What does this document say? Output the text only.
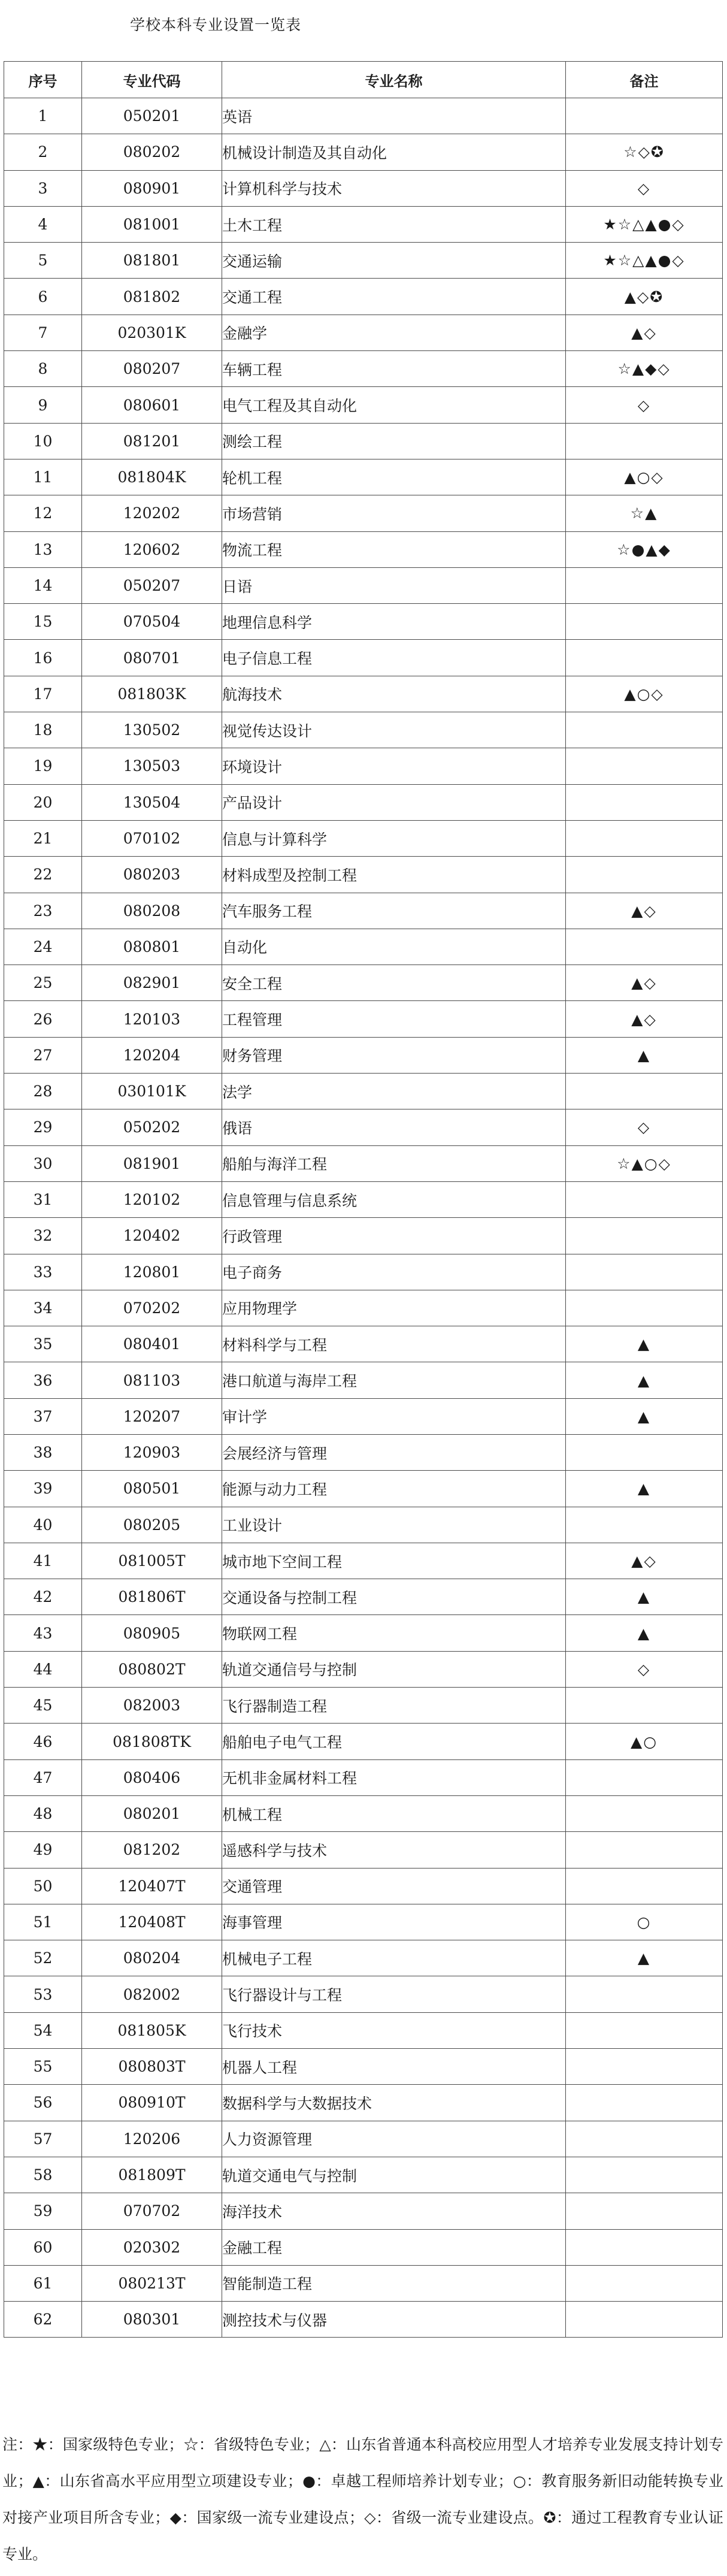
学校本科专业设置一览表
序号	专业代码	专业名称	备注
1	050201	英语	
2	080202	机械设计制造及其自动化	☆◇✪
3	080901	计算机科学与技术	◇
4	081001	土木工程	★☆△▲●◇
5	081801	交通运输	★☆△▲●◇
6	081802	交通工程	▲◇✪
7	020301K	金融学	▲◇
8	080207	车辆工程	☆▲◆◇
9	080601	电气工程及其自动化	◇
10	081201	测绘工程	
11	081804K	轮机工程	▲○◇
12	120202	市场营销	☆▲
13	120602	物流工程	☆●▲◆
14	050207	日语	
15	070504	地理信息科学	
16	080701	电子信息工程	
17	081803K	航海技术	▲○◇
18	130502	视觉传达设计	
19	130503	环境设计	
20	130504	产品设计	
21	070102	信息与计算科学	
22	080203	材料成型及控制工程	
23	080208	汽车服务工程	▲◇
24	080801	自动化	
25	082901	安全工程	▲◇
26	120103	工程管理	▲◇
27	120204	财务管理	▲
28	030101K	法学	
29	050202	俄语	◇
30	081901	船舶与海洋工程	☆▲○◇
31	120102	信息管理与信息系统	
32	120402	行政管理	
33	120801	电子商务	
34	070202	应用物理学	
35	080401	材料科学与工程	▲
36	081103	港口航道与海岸工程	▲
37	120207	审计学	▲
38	120903	会展经济与管理	
39	080501	能源与动力工程	▲
40	080205	工业设计	
41	081005T	城市地下空间工程	▲◇
42	081806T	交通设备与控制工程	▲
43	080905	物联网工程	▲
44	080802T	轨道交通信号与控制	◇
45	082003	飞行器制造工程	
46	081808TK	船舶电子电气工程	▲○
47	080406	无机非金属材料工程	
48	080201	机械工程	
49	081202	遥感科学与技术	
50	120407T	交通管理	
51	120408T	海事管理	○
52	080204	机械电子工程	▲
53	082002	飞行器设计与工程	
54	081805K	飞行技术	
55	080803T	机器人工程	
56	080910T	数据科学与大数据技术	
57	120206	人力资源管理	
58	081809T	轨道交通电气与控制	
59	070702	海洋技术	
60	020302	金融工程	
61	080213T	智能制造工程	
62	080301	测控技术与仪器	
注：★：国家级特色专业；☆：省级特色专业；△：山东省普通本科高校应用型人才培养专业发展支持计划专业；▲：山东省高水平应用型立项建设专业；●：卓越工程师培养计划专业；○：教育服务新旧动能转换专业对接产业项目所含专业；◆：国家级一流专业建设点；◇：省级一流专业建设点。✪：通过工程教育专业认证专业。
